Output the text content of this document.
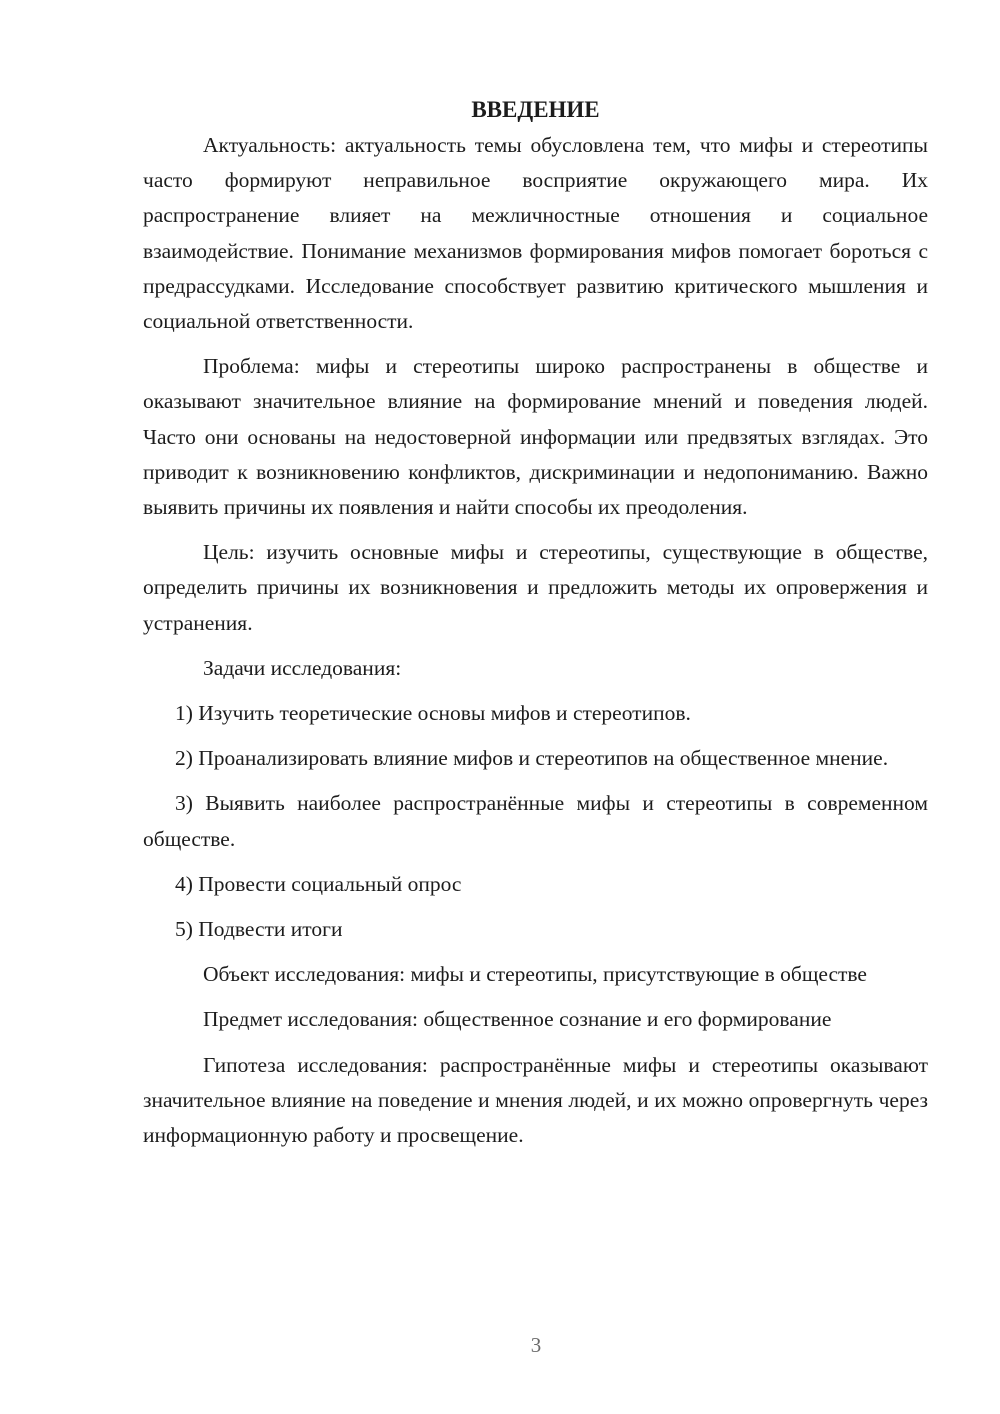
ВВЕДЕНИЕ

Актуальность: актуальность темы обусловлена тем, что мифы и стереотипы часто формируют неправильное восприятие окружающего мира. Их распространение влияет на межличностные отношения и социальное взаимодействие. Понимание механизмов формирования мифов помогает бороться с предрассудками. Исследование способствует развитию критического мышления и социальной ответственности.

Проблема: мифы и стереотипы широко распространены в обществе и оказывают значительное влияние на формирование мнений и поведения людей. Часто они основаны на недостоверной информации или предвзятых взглядах. Это приводит к возникновению конфликтов, дискриминации и недопониманию. Важно выявить причины их появления и найти способы их преодоления.

Цель: изучить основные мифы и стереотипы, существующие в обществе, определить причины их возникновения и предложить методы их опровержения и устранения.

Задачи исследования:

1) Изучить теоретические основы мифов и стереотипов.

2) Проанализировать влияние мифов и стереотипов на общественное мнение.

3) Выявить наиболее распространённые мифы и стереотипы в современном обществе.

4) Провести социальный опрос

5) Подвести итоги

Объект исследования: мифы и стереотипы, присутствующие в обществе

Предмет исследования: общественное сознание и его формирование

Гипотеза исследования: распространённые мифы и стереотипы оказывают значительное влияние на поведение и мнения людей, и их можно опровергнуть через информационную работу и просвещение.

3
